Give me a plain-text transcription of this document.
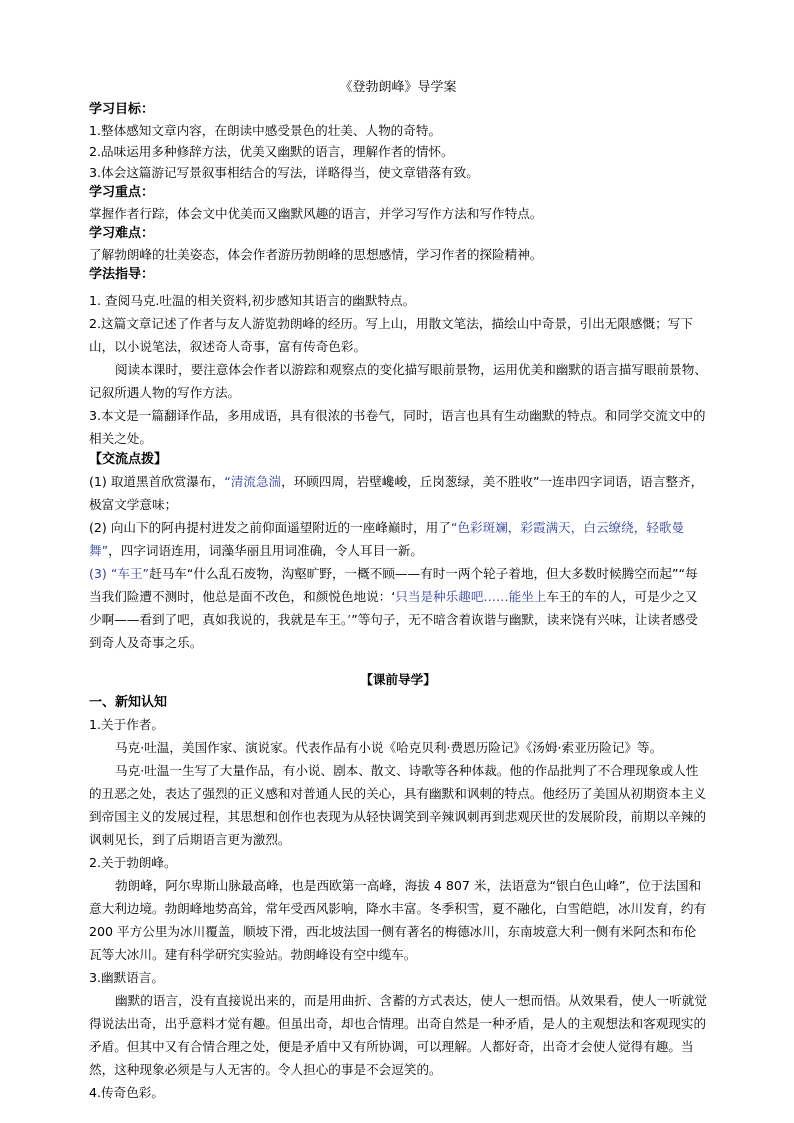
《登勃朗峰》导学案

学习目标：

1.整体感知文章内容，在朗读中感受景色的壮美、人物的奇特。

2.品味运用多种修辞方法，优美又幽默的语言，理解作者的情怀。

3.体会这篇游记写景叙事相结合的写法，详略得当，使文章错落有致。

学习重点：

掌握作者行踪，体会文中优美而又幽默风趣的语言，并学习写作方法和写作特点。

学习难点：

了解勃朗峰的壮美姿态，体会作者游历勃朗峰的思想感情，学习作者的探险精神。

学法指导：

1. 查阅马克.吐温的相关资料,初步感知其语言的幽默特点。

2.这篇文章记述了作者与友人游览勃朗峰的经历。写上山，用散文笔法，描绘山中奇景，引出无限感慨；写下山，以小说笔法，叙述奇人奇事，富有传奇色彩。

阅读本课时，要注意体会作者以游踪和观察点的变化描写眼前景物，运用优美和幽默的语言描写眼前景物、记叙所遇人物的写作方法。

3.本文是一篇翻译作品，多用成语，具有很浓的书卷气，同时，语言也具有生动幽默的特点。和同学交流文中的相关之处。

【交流点拨】

(1) 取道黑首欣赏瀑布，“清流急湍，环顾四周，岩壁巉峻，丘岗葱绿，美不胜收”一连串四字词语，语言整齐，极富文学意味；

(2) 向山下的阿冉提村进发之前仰面遥望附近的一座峰巅时，用了“色彩斑斓，彩霞满天，白云缭绕，轻歌曼舞”，四字词语连用，词藻华丽且用词准确，令人耳目一新。

(3) “车王”赶马车“什么乱石废物，沟壑旷野，一概不顾——有时一两个轮子着地，但大多数时候腾空而起”“每当我们险遭不测时，他总是面不改色，和颜悦色地说：‘只当是种乐趣吧……能坐上车王的车的人，可是少之又少啊——看到了吧，真如我说的，我就是车王。’”等句子，无不暗含着诙谐与幽默，读来饶有兴味，让读者感受到奇人及奇事之乐。

【课前导学】

一、新知认知

1.关于作者。

马克·吐温，美国作家、演说家。代表作品有小说《哈克贝利·费恩历险记》《汤姆·索亚历险记》等。

马克·吐温一生写了大量作品，有小说、剧本、散文、诗歌等各种体裁。他的作品批判了不合理现象或人性的丑恶之处，表达了强烈的正义感和对普通人民的关心，具有幽默和讽刺的特点。他经历了美国从初期资本主义到帝国主义的发展过程，其思想和创作也表现为从轻快调笑到辛辣讽刺再到悲观厌世的发展阶段，前期以辛辣的讽刺见长，到了后期语言更为激烈。

2.关于勃朗峰。

勃朗峰，阿尔卑斯山脉最高峰，也是西欧第一高峰，海拔 4 807 米，法语意为“银白色山峰”，位于法国和意大利边境。勃朗峰地势高耸，常年受西风影响，降水丰富。冬季积雪，夏不融化，白雪皑皑，冰川发育，约有 200 平方公里为冰川覆盖，顺坡下滑，西北坡法国一侧有著名的梅德冰川，东南坡意大利一侧有米阿杰和布伦瓦等大冰川。建有科学研究实验站。勃朗峰设有空中缆车。

3.幽默语言。

幽默的语言，没有直接说出来的，而是用曲折、含蓄的方式表达，使人一想而悟。从效果看，使人一听就觉得说法出奇，出乎意料才觉有趣。但虽出奇，却也合情理。出奇自然是一种矛盾，是人的主观想法和客观现实的矛盾。但其中又有合情合理之处，便是矛盾中又有所协调，可以理解。人都好奇，出奇才会使人觉得有趣。当然，这种现象必须是与人无害的。令人担心的事是不会逗笑的。

4.传奇色彩。
